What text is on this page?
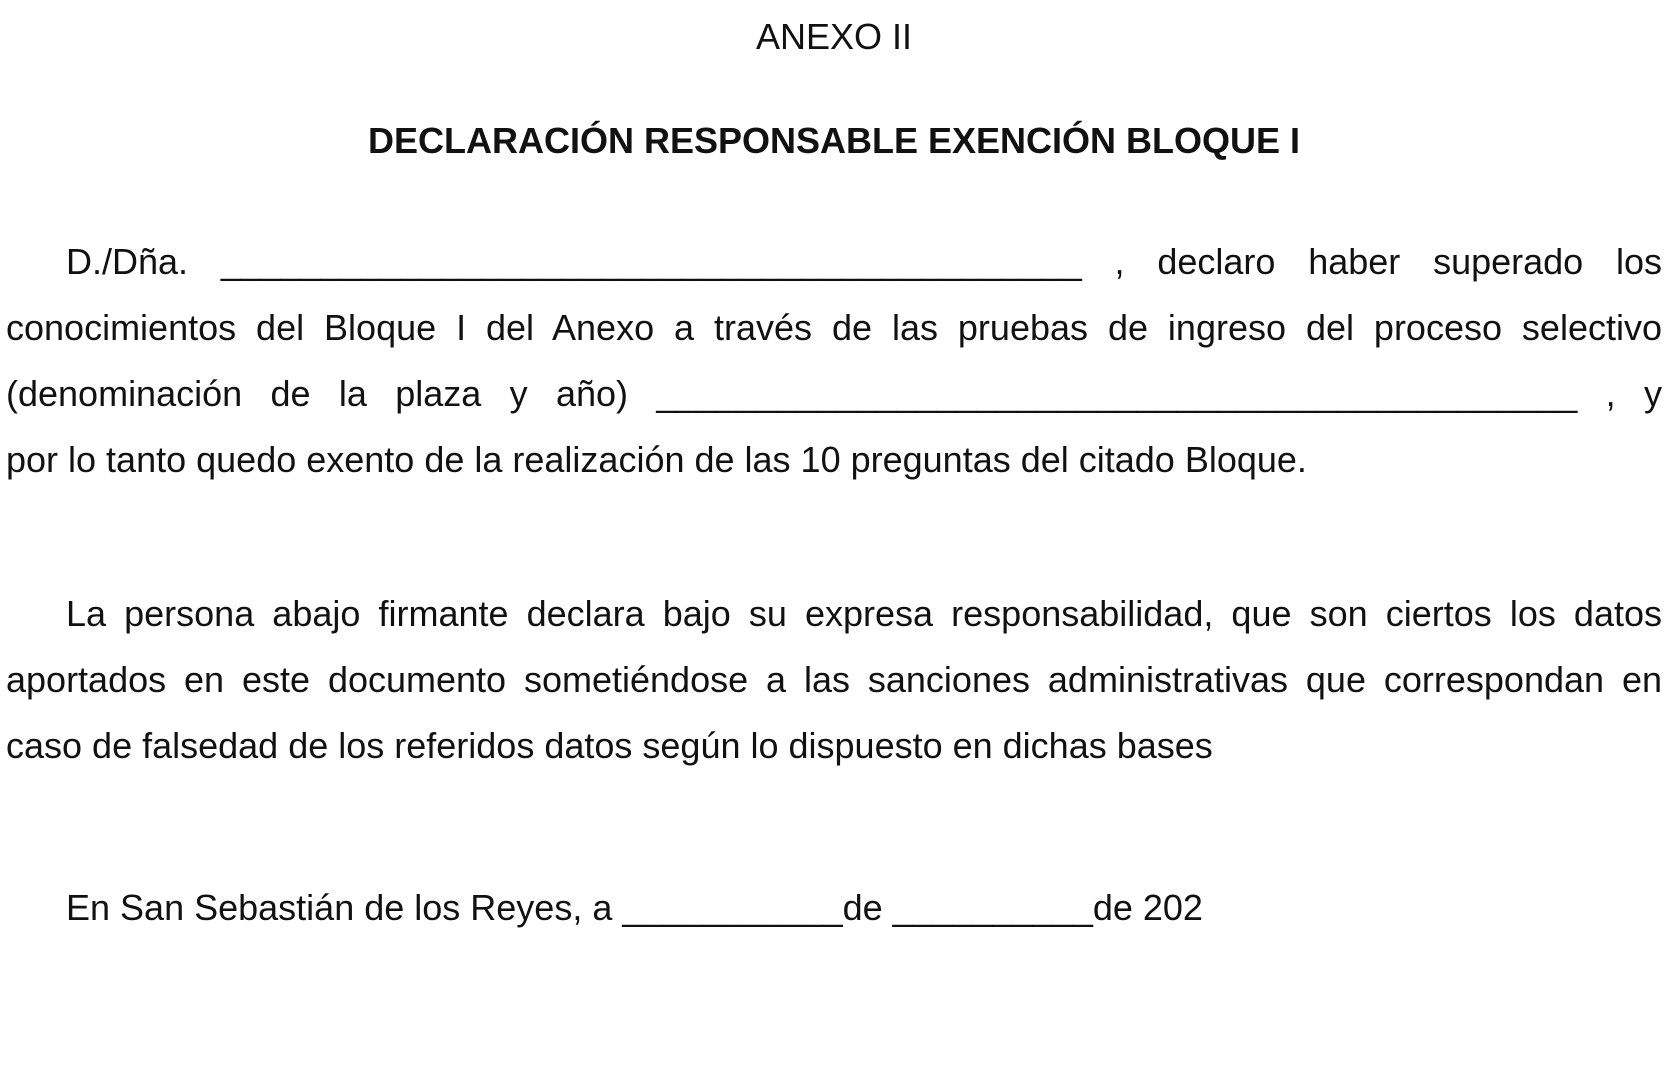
ANEXO II
DECLARACIÓN RESPONSABLE EXENCIÓN BLOQUE I
D./Dña. ___________________________________________ , declaro haber superado los
conocimientos del Bloque I del Anexo a través de las pruebas de ingreso del proceso selectivo
(denominación de la plaza y año) ______________________________________________ , y
por lo tanto quedo exento de la realización de las 10 preguntas del citado Bloque.
La persona abajo firmante declara bajo su expresa responsabilidad, que son ciertos los datos
aportados en este documento sometiéndose a las sanciones administrativas que correspondan en
caso de falsedad de los referidos datos según lo dispuesto en dichas bases
En San Sebastián de los Reyes, a ___________de __________de 202
